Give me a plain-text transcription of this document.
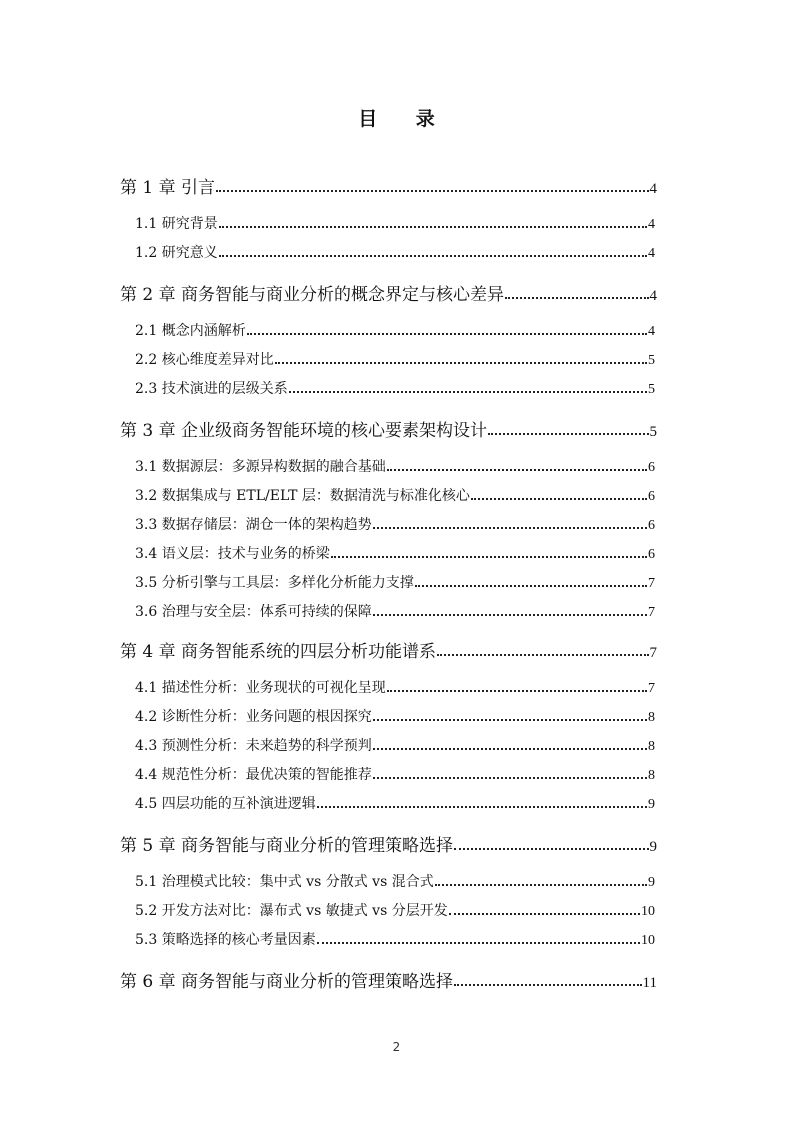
目 录
第 1 章 引言	4
1.1 研究背景	4
1.2 研究意义	4
第 2 章 商务智能与商业分析的概念界定与核心差异	4
2.1 概念内涵解析	4
2.2 核心维度差异对比	5
2.3 技术演进的层级关系	5
第 3 章 企业级商务智能环境的核心要素架构设计	5
3.1 数据源层：多源异构数据的融合基础	6
3.2 数据集成与 ETL/ELT 层：数据清洗与标准化核心	6
3.3 数据存储层：湖仓一体的架构趋势	6
3.4 语义层：技术与业务的桥梁	6
3.5 分析引擎与工具层：多样化分析能力支撑	7
3.6 治理与安全层：体系可持续的保障	7
第 4 章 商务智能系统的四层分析功能谱系	7
4.1 描述性分析：业务现状的可视化呈现	7
4.2 诊断性分析：业务问题的根因探究	8
4.3 预测性分析：未来趋势的科学预判	8
4.4 规范性分析：最优决策的智能推荐	8
4.5 四层功能的互补演进逻辑	9
第 5 章 商务智能与商业分析的管理策略选择	9
5.1 治理模式比较：集中式 vs 分散式 vs 混合式	9
5.2 开发方法对比：瀑布式 vs 敏捷式 vs 分层开发	10
5.3 策略选择的核心考量因素	10
第 6 章 商务智能与商业分析的管理策略选择	11
2
